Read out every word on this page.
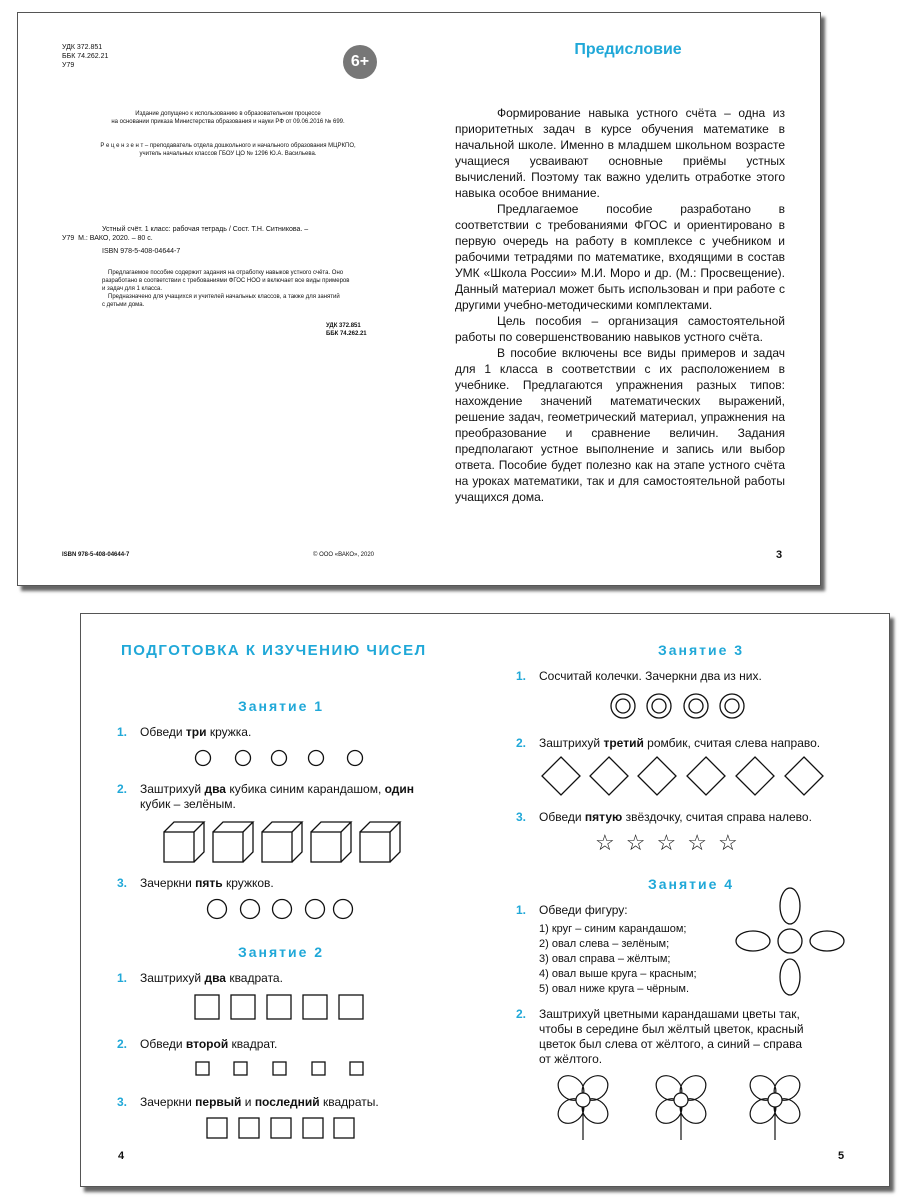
УДК 372.851
ББК 74.262.21
У79	6+
Издание допущено к использованию в образовательном процессе
на основании приказа Министерства образования и науки РФ от 09.06.2016 № 699.
Р е ц е н з е н т – преподаватель отдела дошкольного и начального образования МЦРКПО,
учитель начальных классов ГБОУ ЦО № 1296 Ю.А. Васильева.
Устный счёт. 1 класс: рабочая тетрадь / Сост. Т.Н. Ситникова. –
У79 М.: ВАКО, 2020. – 80 с.
ISBN 978-5-408-04644-7
Предлагаемое пособие содержит задания на отработку навыков устного счёта. Оно
разработано в соответствии с требованиями ФГОС НОО и включает все виды примеров
и задач для 1 класса.
Предназначено для учащихся и учителей начальных классов, а также для занятий
с детьми дома.
УДК 372.851
ББК 74.262.21
ISBN 978-5-408-04644-7	© ООО «ВАКО», 2020
Предисловие

Формирование навыка устного счёта – одна из приоритетных задач в курсе обучения математике в начальной школе. Именно в младшем школьном возрасте учащиеся усваивают основные приёмы устных вычислений. Поэтому так важно уделить отработке этого навыка особое внимание.

Предлагаемое пособие разработано в соответствии с требованиями ФГОС и ориентировано в первую очередь на работу в комплексе с учебником и рабочими тетрадями по математике, входящими в состав УМК «Школа России» М.И. Моро и др. (М.: Просвещение). Данный материал может быть использован и при работе с другими учебно-методическими комплектами.

Цель пособия – организация самостоятельной работы по совершенствованию навыков устного счёта.

В пособие включены все виды примеров и задач для 1 класса в соответствии с их расположением в учебнике. Предлагаются упражнения разных типов: нахождение значений математических выражений, решение задач, геометрический материал, упражнения на преобразование и сравнение величин. Задания предполагают устное выполнение и запись или выбор ответа. Пособие будет полезно как на этапе устного счёта на уроках математики, так и для самостоятельной работы учащихся дома.

3
ПОДГОТОВКА К ИЗУЧЕНИЮ ЧИСЕЛ
Занятие 1
1. Обведи три кружка.
2. Заштрихуй два кубика синим карандашом, один
кубик – зелёным.
3. Зачеркни пять кружков.
Занятие 2
1. Заштрихуй два квадрата.
2. Обведи второй квадрат.
3. Зачеркни первый и последний квадраты.
4
Занятие 3
1. Сосчитай колечки. Зачеркни два из них.
2. Заштрихуй третий ромбик, считая слева направо.
3. Обведи пятую звёздочку, считая справа налево.
☆☆☆☆☆
Занятие 4
1. Обведи фигуру:
1) круг – синим карандашом;
2) овал слева – зелёным;
3) овал справа – жёлтым;
4) овал выше круга – красным;
5) овал ниже круга – чёрным.
2. Заштрихуй цветными карандашами цветы так,
чтобы в середине был жёлтый цветок, красный
цветок был слева от жёлтого, а синий – справа
от жёлтого.
5
